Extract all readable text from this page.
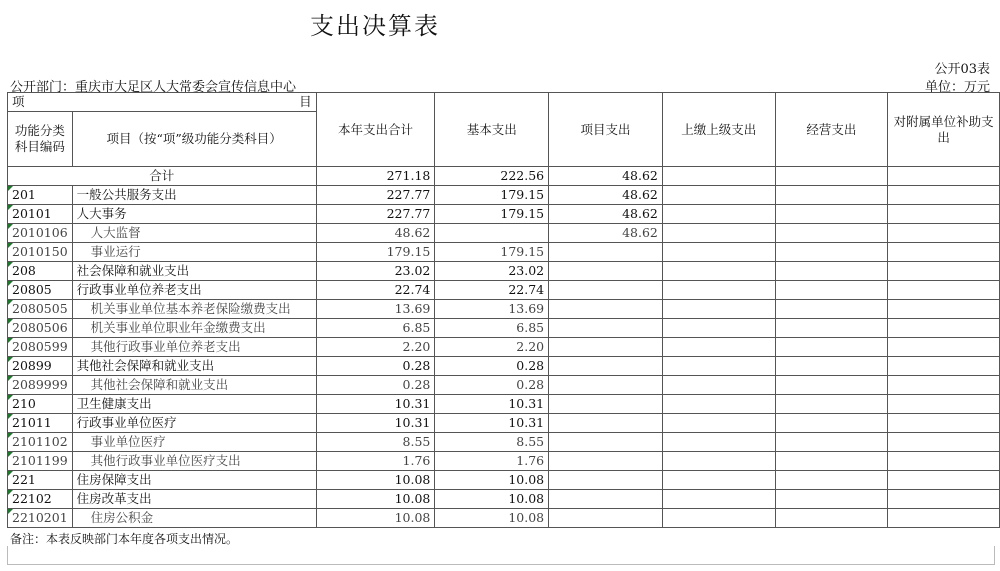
支出决算表
公开03表
公开部门：重庆市大足区人大常委会宣传信息中心	单位：万元
项 目		本年支出合计	基本支出	项目支出	上缴上级支出	经营支出	对附属单位补助支出
功能分类科目编码	项目（按“项”级功能分类科目）						
合计		271.18	222.56	48.62			
201	一般公共服务支出	227.77	179.15	48.62			
20101	人大事务	227.77	179.15	48.62			
2010106	人大监督	48.62		48.62			
2010150	事业运行	179.15	179.15				
208	社会保障和就业支出	23.02	23.02				
20805	行政事业单位养老支出	22.74	22.74				
2080505	机关事业单位基本养老保险缴费支出	13.69	13.69				
2080506	机关事业单位职业年金缴费支出	6.85	6.85				
2080599	其他行政事业单位养老支出	2.20	2.20				
20899	其他社会保障和就业支出	0.28	0.28				
2089999	其他社会保障和就业支出	0.28	0.28				
210	卫生健康支出	10.31	10.31				
21011	行政事业单位医疗	10.31	10.31				
2101102	事业单位医疗	8.55	8.55				
2101199	其他行政事业单位医疗支出	1.76	1.76				
221	住房保障支出	10.08	10.08				
22102	住房改革支出	10.08	10.08				
2210201	住房公积金	10.08	10.08				
备注：本表反映部门本年度各项支出情况。
